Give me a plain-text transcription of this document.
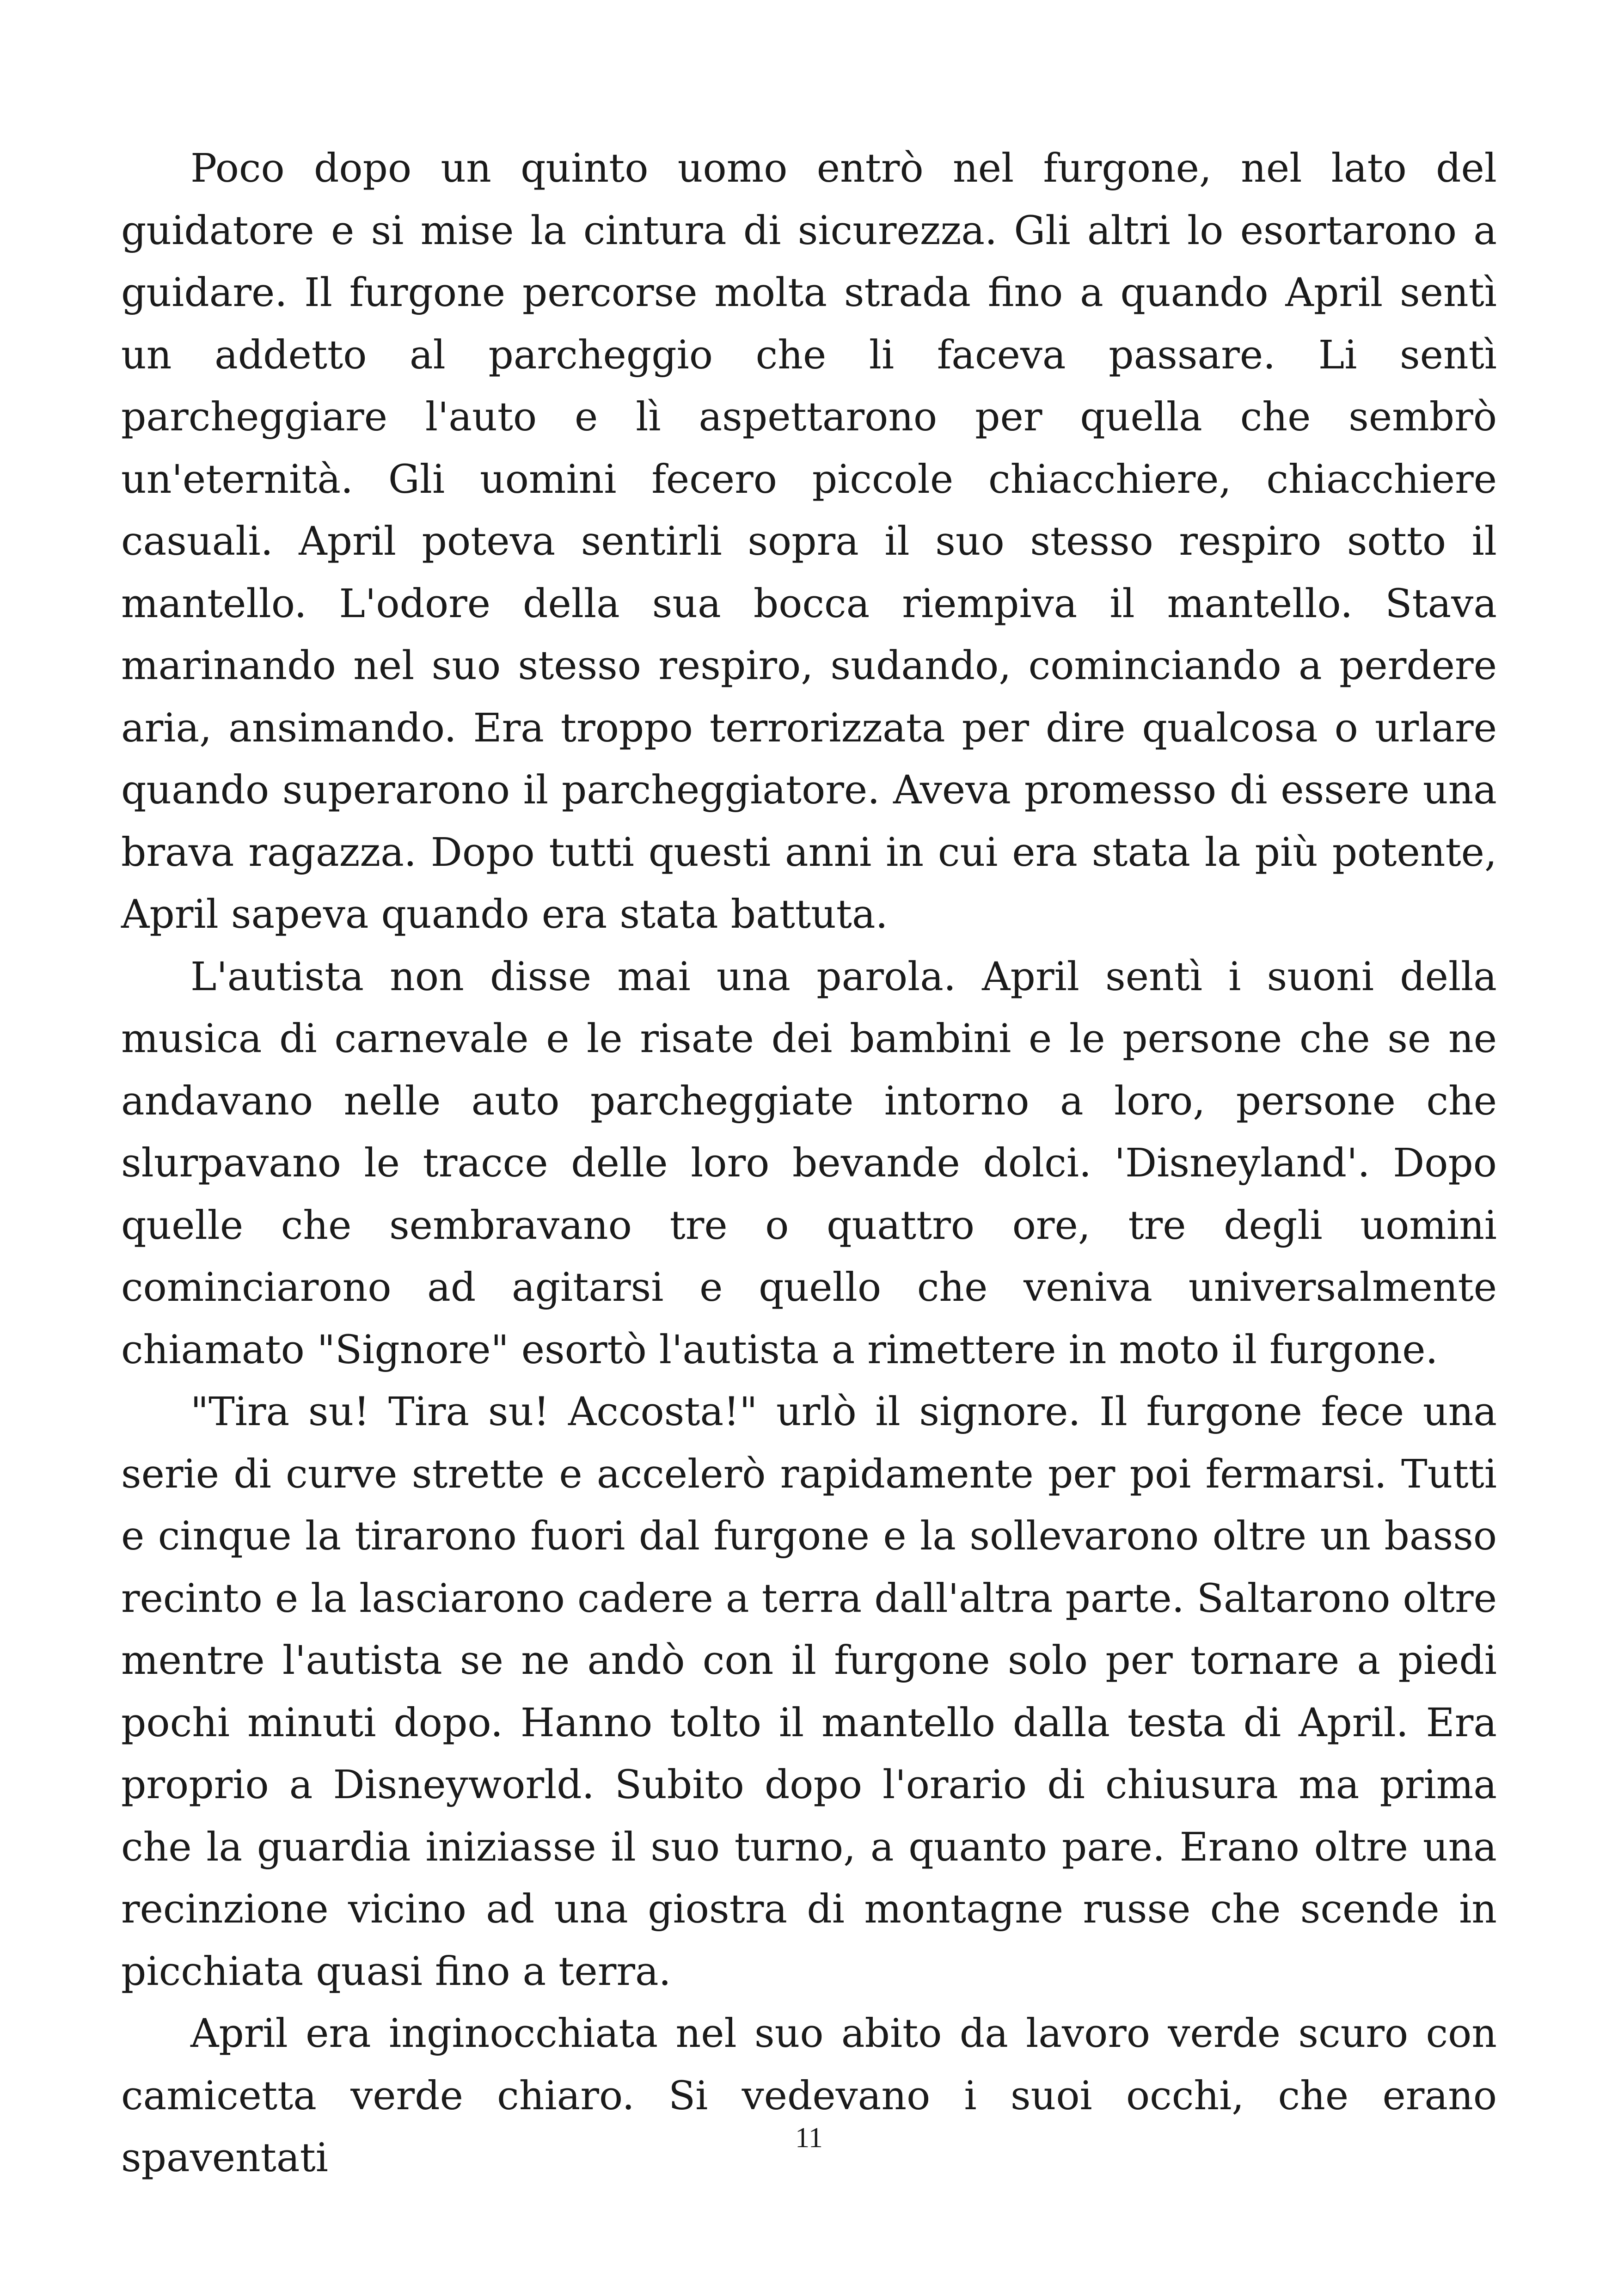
Poco dopo un quinto uomo entrò nel furgone, nel lato del guidatore e si mise la cintura di sicurezza. Gli altri lo esortarono a guidare. Il furgone percorse molta strada fino a quando April sentì un addetto al parcheggio che li faceva passare. Li sentì parcheggiare l'auto e lì aspettarono per quella che sembrò un'eternità. Gli uomini fecero piccole chiacchiere, chiacchiere casuali. April poteva sentirli sopra il suo stesso respiro sotto il mantello. L'odore della sua bocca riempiva il mantello. Stava marinando nel suo stesso respiro, sudando, cominciando a perdere aria, ansimando. Era troppo terrorizzata per dire qualcosa o urlare quando superarono il parcheggiatore. Aveva promesso di essere una brava ragazza. Dopo tutti questi anni in cui era stata la più potente, April sapeva quando era stata battuta.

L'autista non disse mai una parola. April sentì i suoni della musica di carnevale e le risate dei bambini e le persone che se ne andavano nelle auto parcheggiate intorno a loro, persone che slurpavano le tracce delle loro bevande dolci. 'Disneyland'. Dopo quelle che sembravano tre o quattro ore, tre degli uomini cominciarono ad agitarsi e quello che veniva universalmente chiamato "Signore" esortò l'autista a rimettere in moto il furgone.

"Tira su! Tira su! Accosta!" urlò il signore. Il furgone fece una serie di curve strette e accelerò rapidamente per poi fermarsi. Tutti e cinque la tirarono fuori dal furgone e la sollevarono oltre un basso recinto e la lasciarono cadere a terra dall'altra parte. Saltarono oltre mentre l'autista se ne andò con il furgone solo per tornare a piedi pochi minuti dopo. Hanno tolto il mantello dalla testa di April. Era proprio a Disneyworld. Subito dopo l'orario di chiusura ma prima che la guardia iniziasse il suo turno, a quanto pare. Erano oltre una recinzione vicino ad una giostra di montagne russe che scende in picchiata quasi fino a terra.

April era inginocchiata nel suo abito da lavoro verde scuro con camicetta verde chiaro. Si vedevano i suoi occhi, che erano spaventati	11
